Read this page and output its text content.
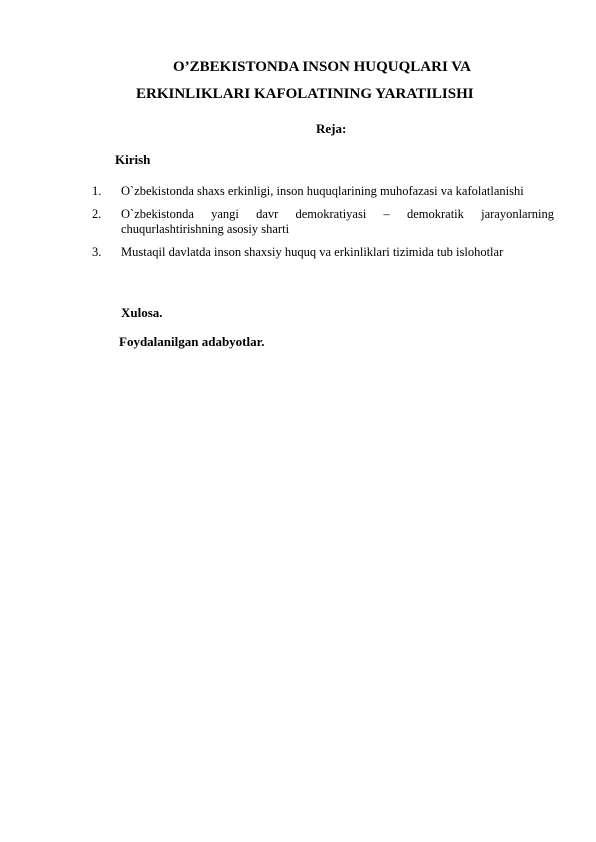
O’ZBEKISTONDA INSON HUQUQLARI VA
ERKINLIKLARI KAFOLATINING YARATILISHI
Reja:
Kirish
1. O`zbekistonda shaxs erkinligi, inson huquqlarining muhofazasi va kafolatlanishi
2. O`zbekistonda yangi davr demokratiyasi – demokratik jarayonlarning chuqurlashtirishning asosiy sharti
3. Mustaqil davlatda inson shaxsiy huquq va erkinliklari tizimida tub islohotlar
Xulosa.
Foydalanilgan adabyotlar.
